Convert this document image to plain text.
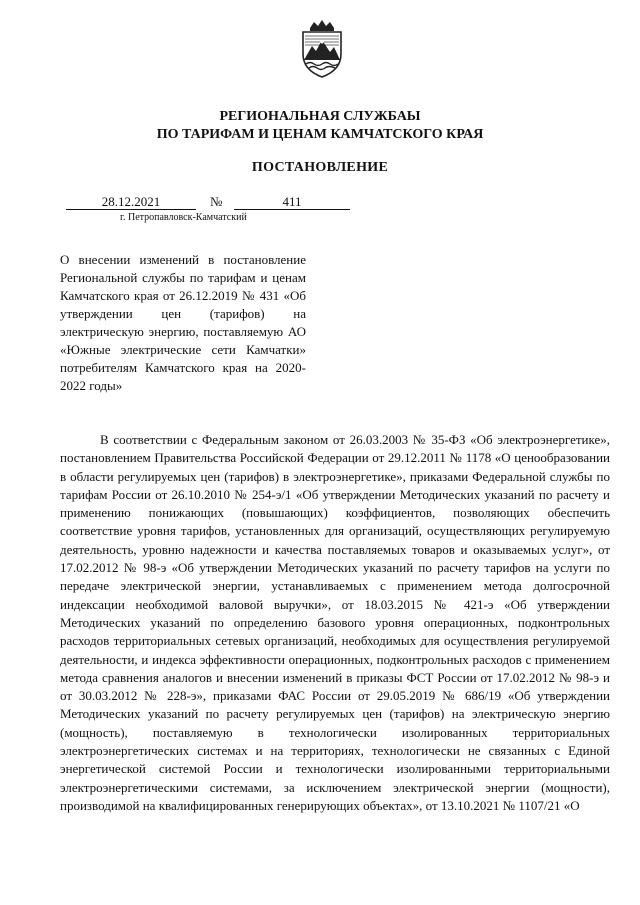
РЕГИОНАЛЬНАЯ СЛУЖБАЫ
ПО ТАРИФАМ И ЦЕНАМ КАМЧАТСКОГО КРАЯ
ПОСТАНОВЛЕНИЕ
28.12.2021	№	411
г. Петропавловск-Камчатский
О внесении изменений в постановление Региональной службы по тарифам и ценам Камчатского края от 26.12.2019 № 431 «Об утверждении цен (тарифов) на электрическую энергию, поставляемую АО «Южные электрические сети Камчатки» потребителям Камчатского края на 2020-2022 годы»

В соответствии с Федеральным законом от 26.03.2003 № 35-ФЗ «Об электроэнергетике», постановлением Правительства Российской Федерации от 29.12.2011 № 1178 «О ценообразовании в области регулируемых цен (тарифов) в электроэнергетике», приказами Федеральной службы по тарифам России от 26.10.2010 № 254-э/1 «Об утверждении Методических указаний по расчету и применению понижающих (повышающих) коэффициентов, позволяющих обеспечить соответствие уровня тарифов, установленных для организаций, осуществляющих регулируемую деятельность, уровню надежности и качества поставляемых товаров и оказываемых услуг», от 17.02.2012 № 98-э «Об утверждении Методических указаний по расчету тарифов на услуги по передаче электрической энергии, устанавливаемых с применением метода долгосрочной индексации необходимой валовой выручки», от 18.03.2015 № 421-э «Об утверждении Методических указаний по определению базового уровня операционных, подконтрольных расходов территориальных сетевых организаций, необходимых для осуществления регулируемой деятельности, и индекса эффективности операционных, подконтрольных расходов с применением метода сравнения аналогов и внесении изменений в приказы ФСТ России от 17.02.2012 № 98-э и от 30.03.2012 № 228-э», приказами ФАС России от 29.05.2019 № 686/19 «Об утверждении Методических указаний по расчету регулируемых цен (тарифов) на электрическую энергию (мощность), поставляемую в технологически изолированных территориальных электроэнергетических системах и на территориях, технологически не связанных с Единой энергетической системой России и технологически изолированными территориальными электроэнергетическими системами, за исключением электрической энергии (мощности), производимой на квалифицированных генерирующих объектах», от 13.10.2021 № 1107/21 «О
